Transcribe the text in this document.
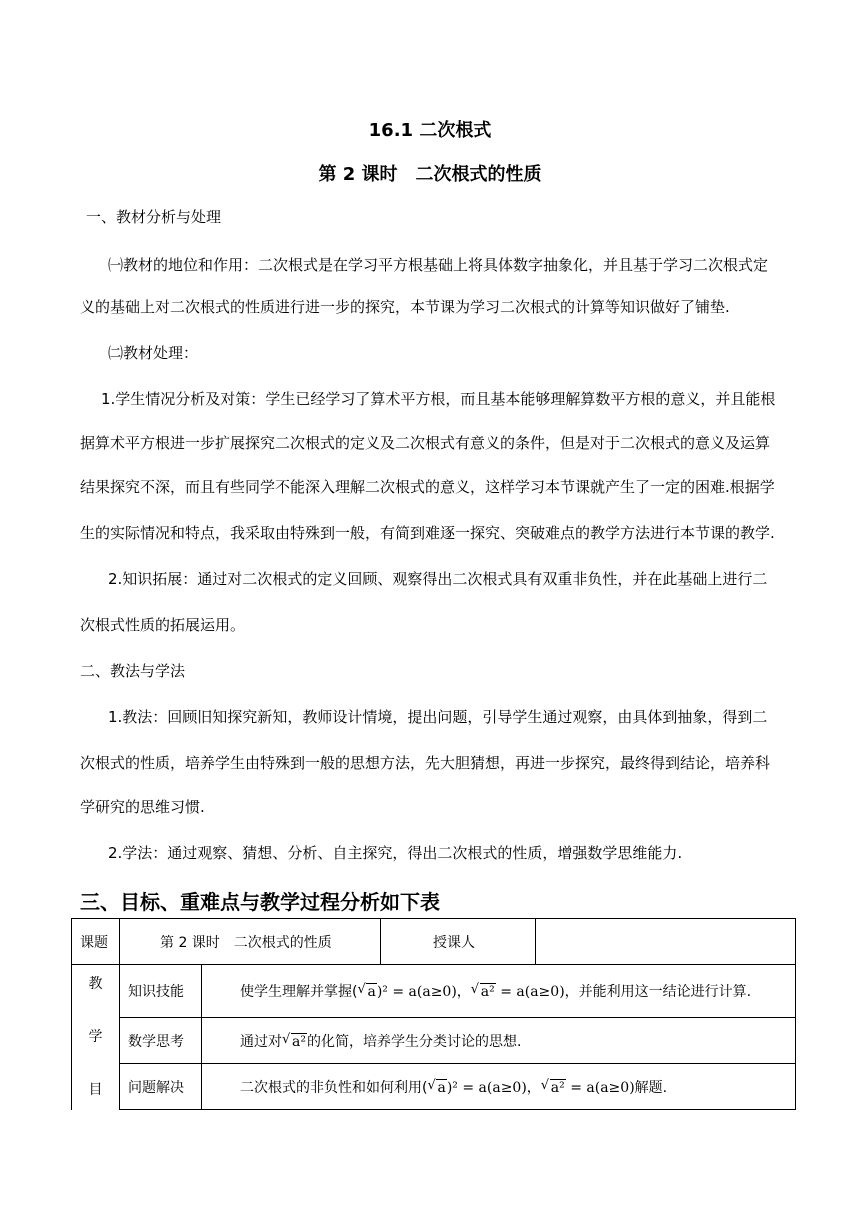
16.1 二次根式
第 2 课时　二次根式的性质
一、教材分析与处理
㈠教材的地位和作用：二次根式是在学习平方根基础上将具体数字抽象化，并且基于学习二次根式定
义的基础上对二次根式的性质进行进一步的探究，本节课为学习二次根式的计算等知识做好了铺垫.
㈡教材处理：
1.学生情况分析及对策：学生已经学习了算术平方根，而且基本能够理解算数平方根的意义，并且能根
据算术平方根进一步扩展探究二次根式的定义及二次根式有意义的条件，但是对于二次根式的意义及运算
结果探究不深，而且有些同学不能深入理解二次根式的意义，这样学习本节课就产生了一定的困难.根据学
生的实际情况和特点，我采取由特殊到一般，有简到难逐一探究、突破难点的教学方法进行本节课的教学.
2.知识拓展：通过对二次根式的定义回顾、观察得出二次根式具有双重非负性，并在此基础上进行二
次根式性质的拓展运用。
二、教法与学法
1.教法：回顾旧知探究新知，教师设计情境，提出问题，引导学生通过观察，由具体到抽象，得到二
次根式的性质，培养学生由特殊到一般的思想方法，先大胆猜想，再进一步探究，最终得到结论，培养科
学研究的思维习惯.
2.学法：通过观察、猜想、分析、自主探究，得出二次根式的性质，增强数学思维能力.
三、目标、重难点与教学过程分析如下表
课题	第 2 课时　二次根式的性质		授课人	

教
学
目	知识技能	使学生理解并掌握( √ a)² = a(a≥0)， √ a² = a(a≥0)，并能利用这一结论进行计算.		
	数学思考	通过对 √ a²的化简，培养学生分类讨论的思想.		
	问题解决	二次根式的非负性和如何利用( √ a)² = a(a≥0)， √ a² = a(a≥0)解题.		
